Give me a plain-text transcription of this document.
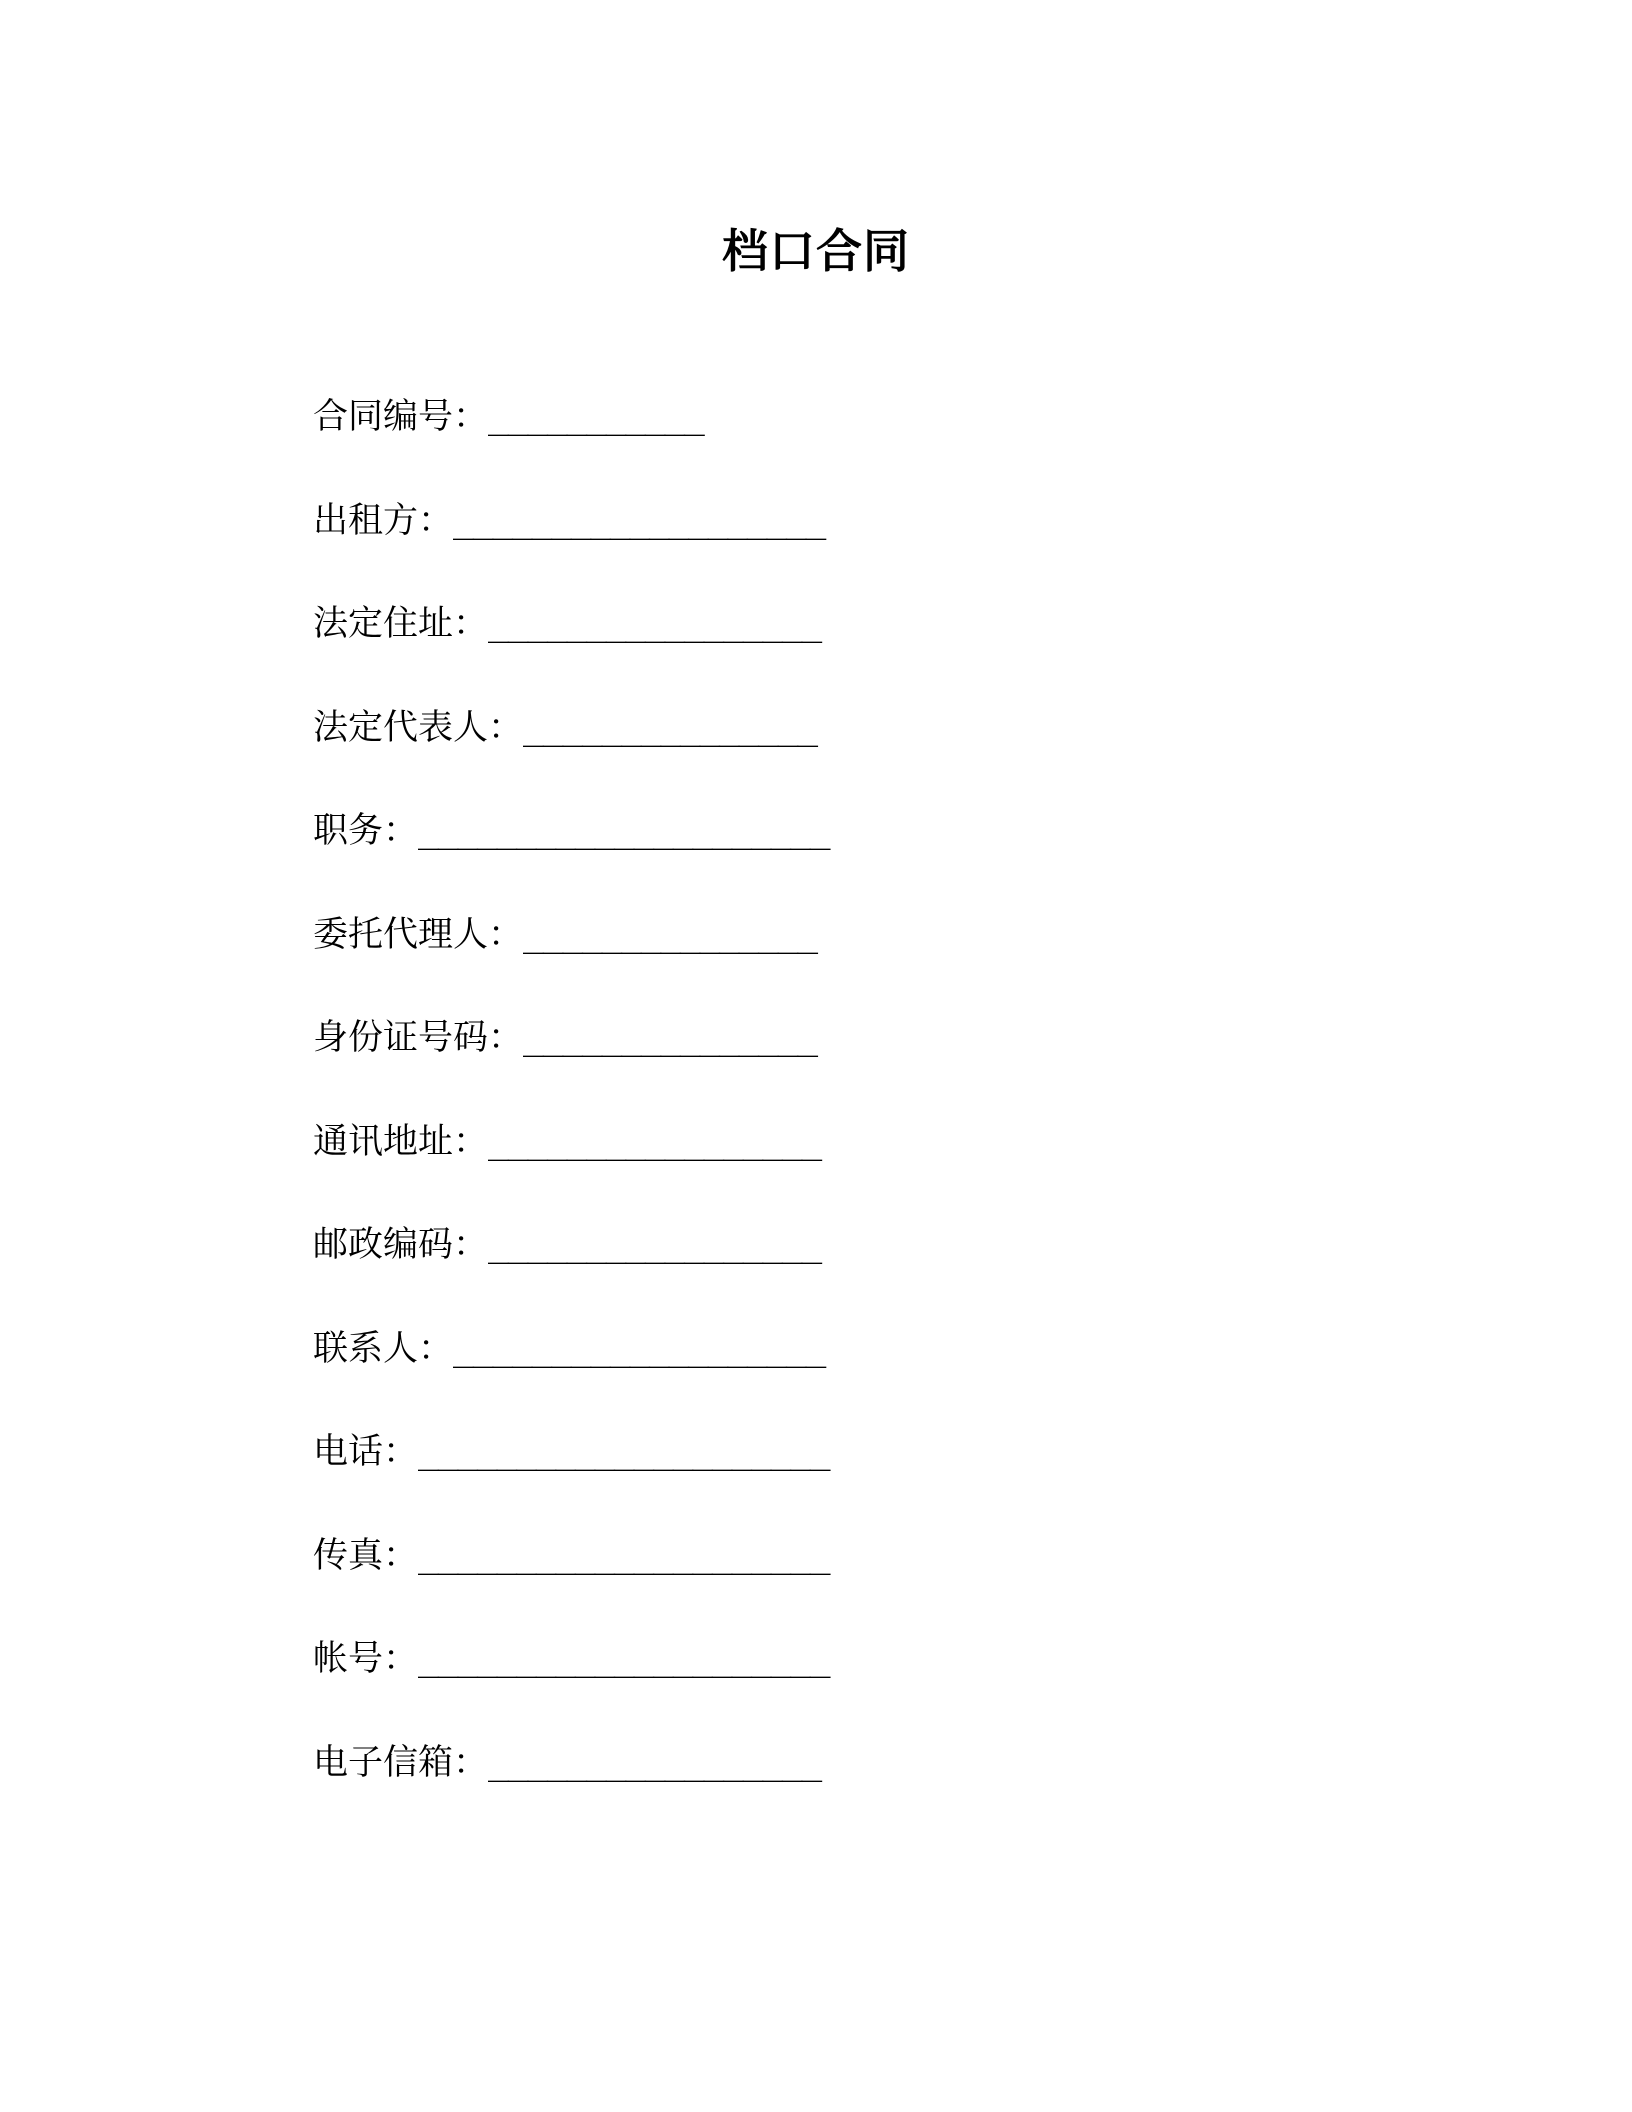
档口合同
合同编号： ___________
出租方： ___________________
法定住址： _________________
法定代表人： _______________
职务： _____________________
委托代理人： _______________
身份证号码： _______________
通讯地址： _________________
邮政编码： _________________
联系人： ___________________
电话： _____________________
传真： _____________________
帐号： _____________________
电子信箱： _________________
